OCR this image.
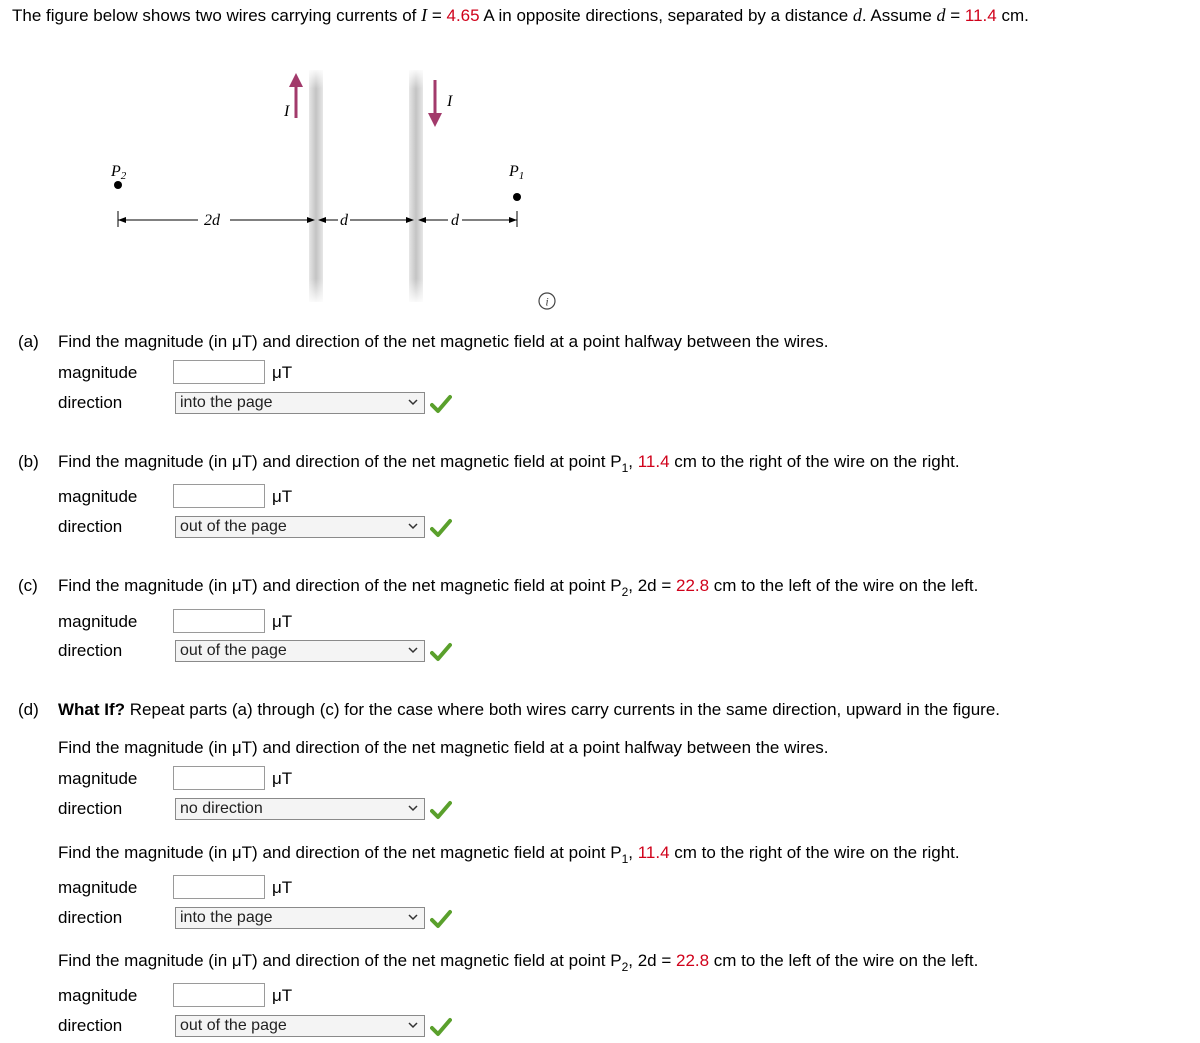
The figure below shows two wires carrying currents of I = 4.65 A in opposite directions, separated by a distance d. Assume d = 11.4 cm.
I
I
P2	P1
2d	d	d
i
(a) Find the magnitude (in μT) and direction of the net magnetic field at a point halfway between the wires.
magnitude	μT
direction	into the page
(b) Find the magnitude (in μT) and direction of the net magnetic field at point $P_1$, 11.4 cm to the right of the wire on the right.
magnitude	μT
direction	out of the page
(c) Find the magnitude (in μT) and direction of the net magnetic field at point $P_2$, 2d = 22.8 cm to the left of the wire on the left.
magnitude	μT
direction	out of the page
(d) What If? Repeat parts (a) through (c) for the case where both wires carry currents in the same direction, upward in the figure.
Find the magnitude (in μT) and direction of the net magnetic field at a point halfway between the wires.
magnitude	μT
direction	no direction
Find the magnitude (in μT) and direction of the net magnetic field at point $P_1$, 11.4 cm to the right of the wire on the right.
magnitude	μT
direction	into the page
Find the magnitude (in μT) and direction of the net magnetic field at point $P_2$, 2d = 22.8 cm to the left of the wire on the left.
magnitude	μT
direction	out of the page
